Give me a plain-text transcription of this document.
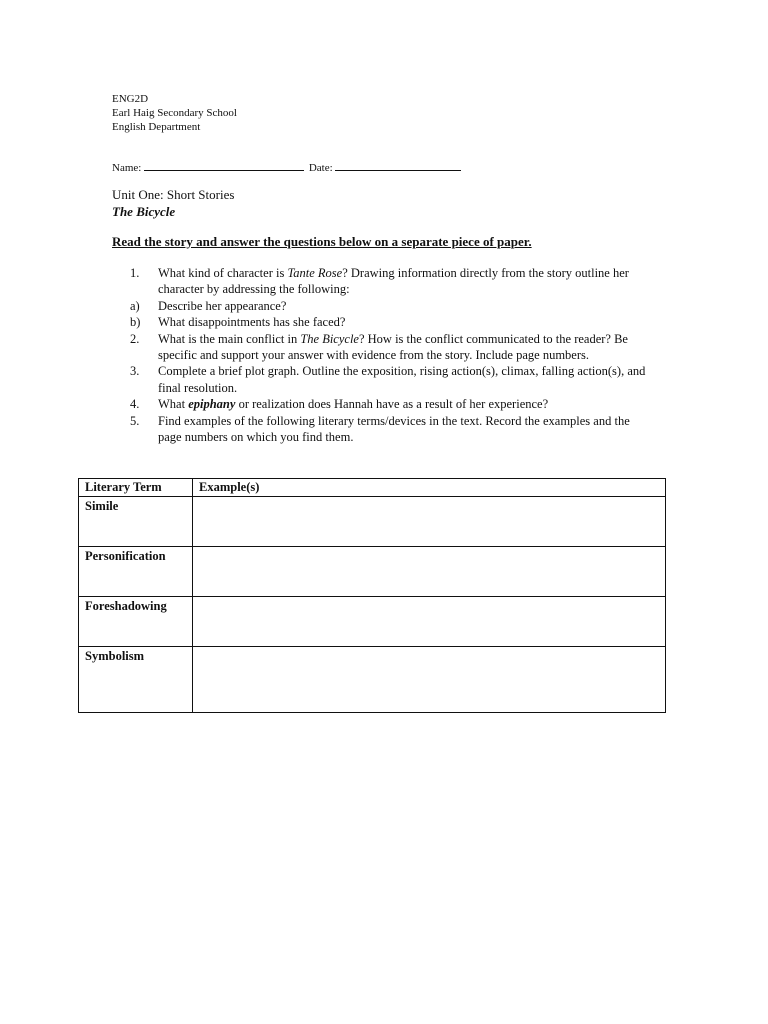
ENG2D
Earl Haig Secondary School
English Department
Name:	Date:
Unit One: Short Stories
The Bicycle
Read the story and answer the questions below on a separate piece of paper.
1.	What kind of character is Tante Rose? Drawing information directly from the story outline her character by addressing the following:
a)	Describe her appearance?
b)	What disappointments has she faced?
2.	What is the main conflict in The Bicycle? How is the conflict communicated to the reader? Be specific and support your answer with evidence from the story. Include page numbers.
3.	Complete a brief plot graph. Outline the exposition, rising action(s), climax, falling action(s), and final resolution.
4.	What epiphany or realization does Hannah have as a result of her experience?
5.	Find examples of the following literary terms/devices in the text. Record the examples and the page numbers on which you find them.
Literary Term	Example(s)
Simile	
Personification	
Foreshadowing	
Symbolism	
